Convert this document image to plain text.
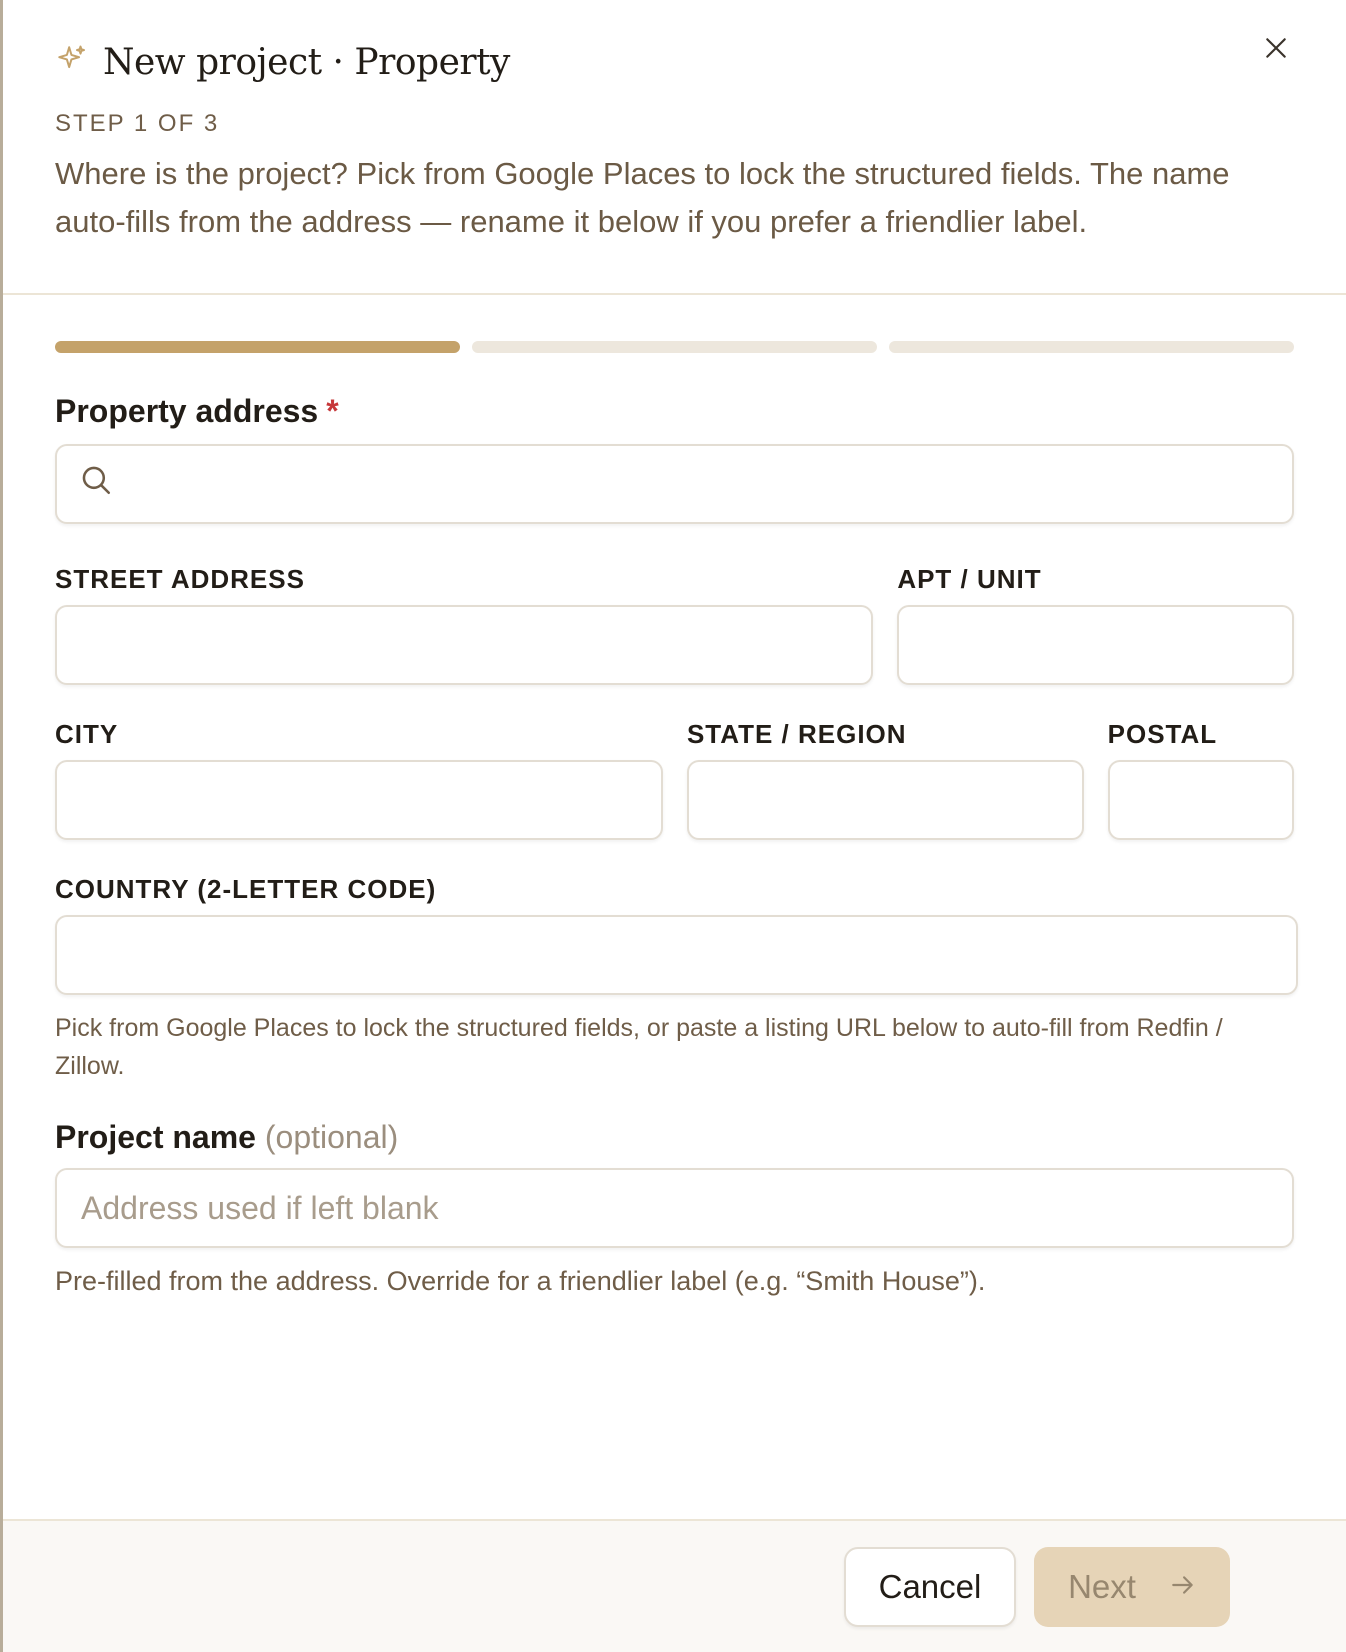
New project · Property
STEP 1 OF 3
Where is the project? Pick from Google Places to lock the structured fields. The name auto-fills from the address — rename it below if you prefer a friendlier label.
Property address *
STREET ADDRESS	APT / UNIT
CITY	STATE / REGION	POSTAL
COUNTRY (2-LETTER CODE)
Pick from Google Places to lock the structured fields, or paste a listing URL below to auto-fill from Redfin / Zillow.
Project name (optional)
Address used if left blank
Pre-filled from the address. Override for a friendlier label (e.g. “Smith House”).
Cancel	Next
